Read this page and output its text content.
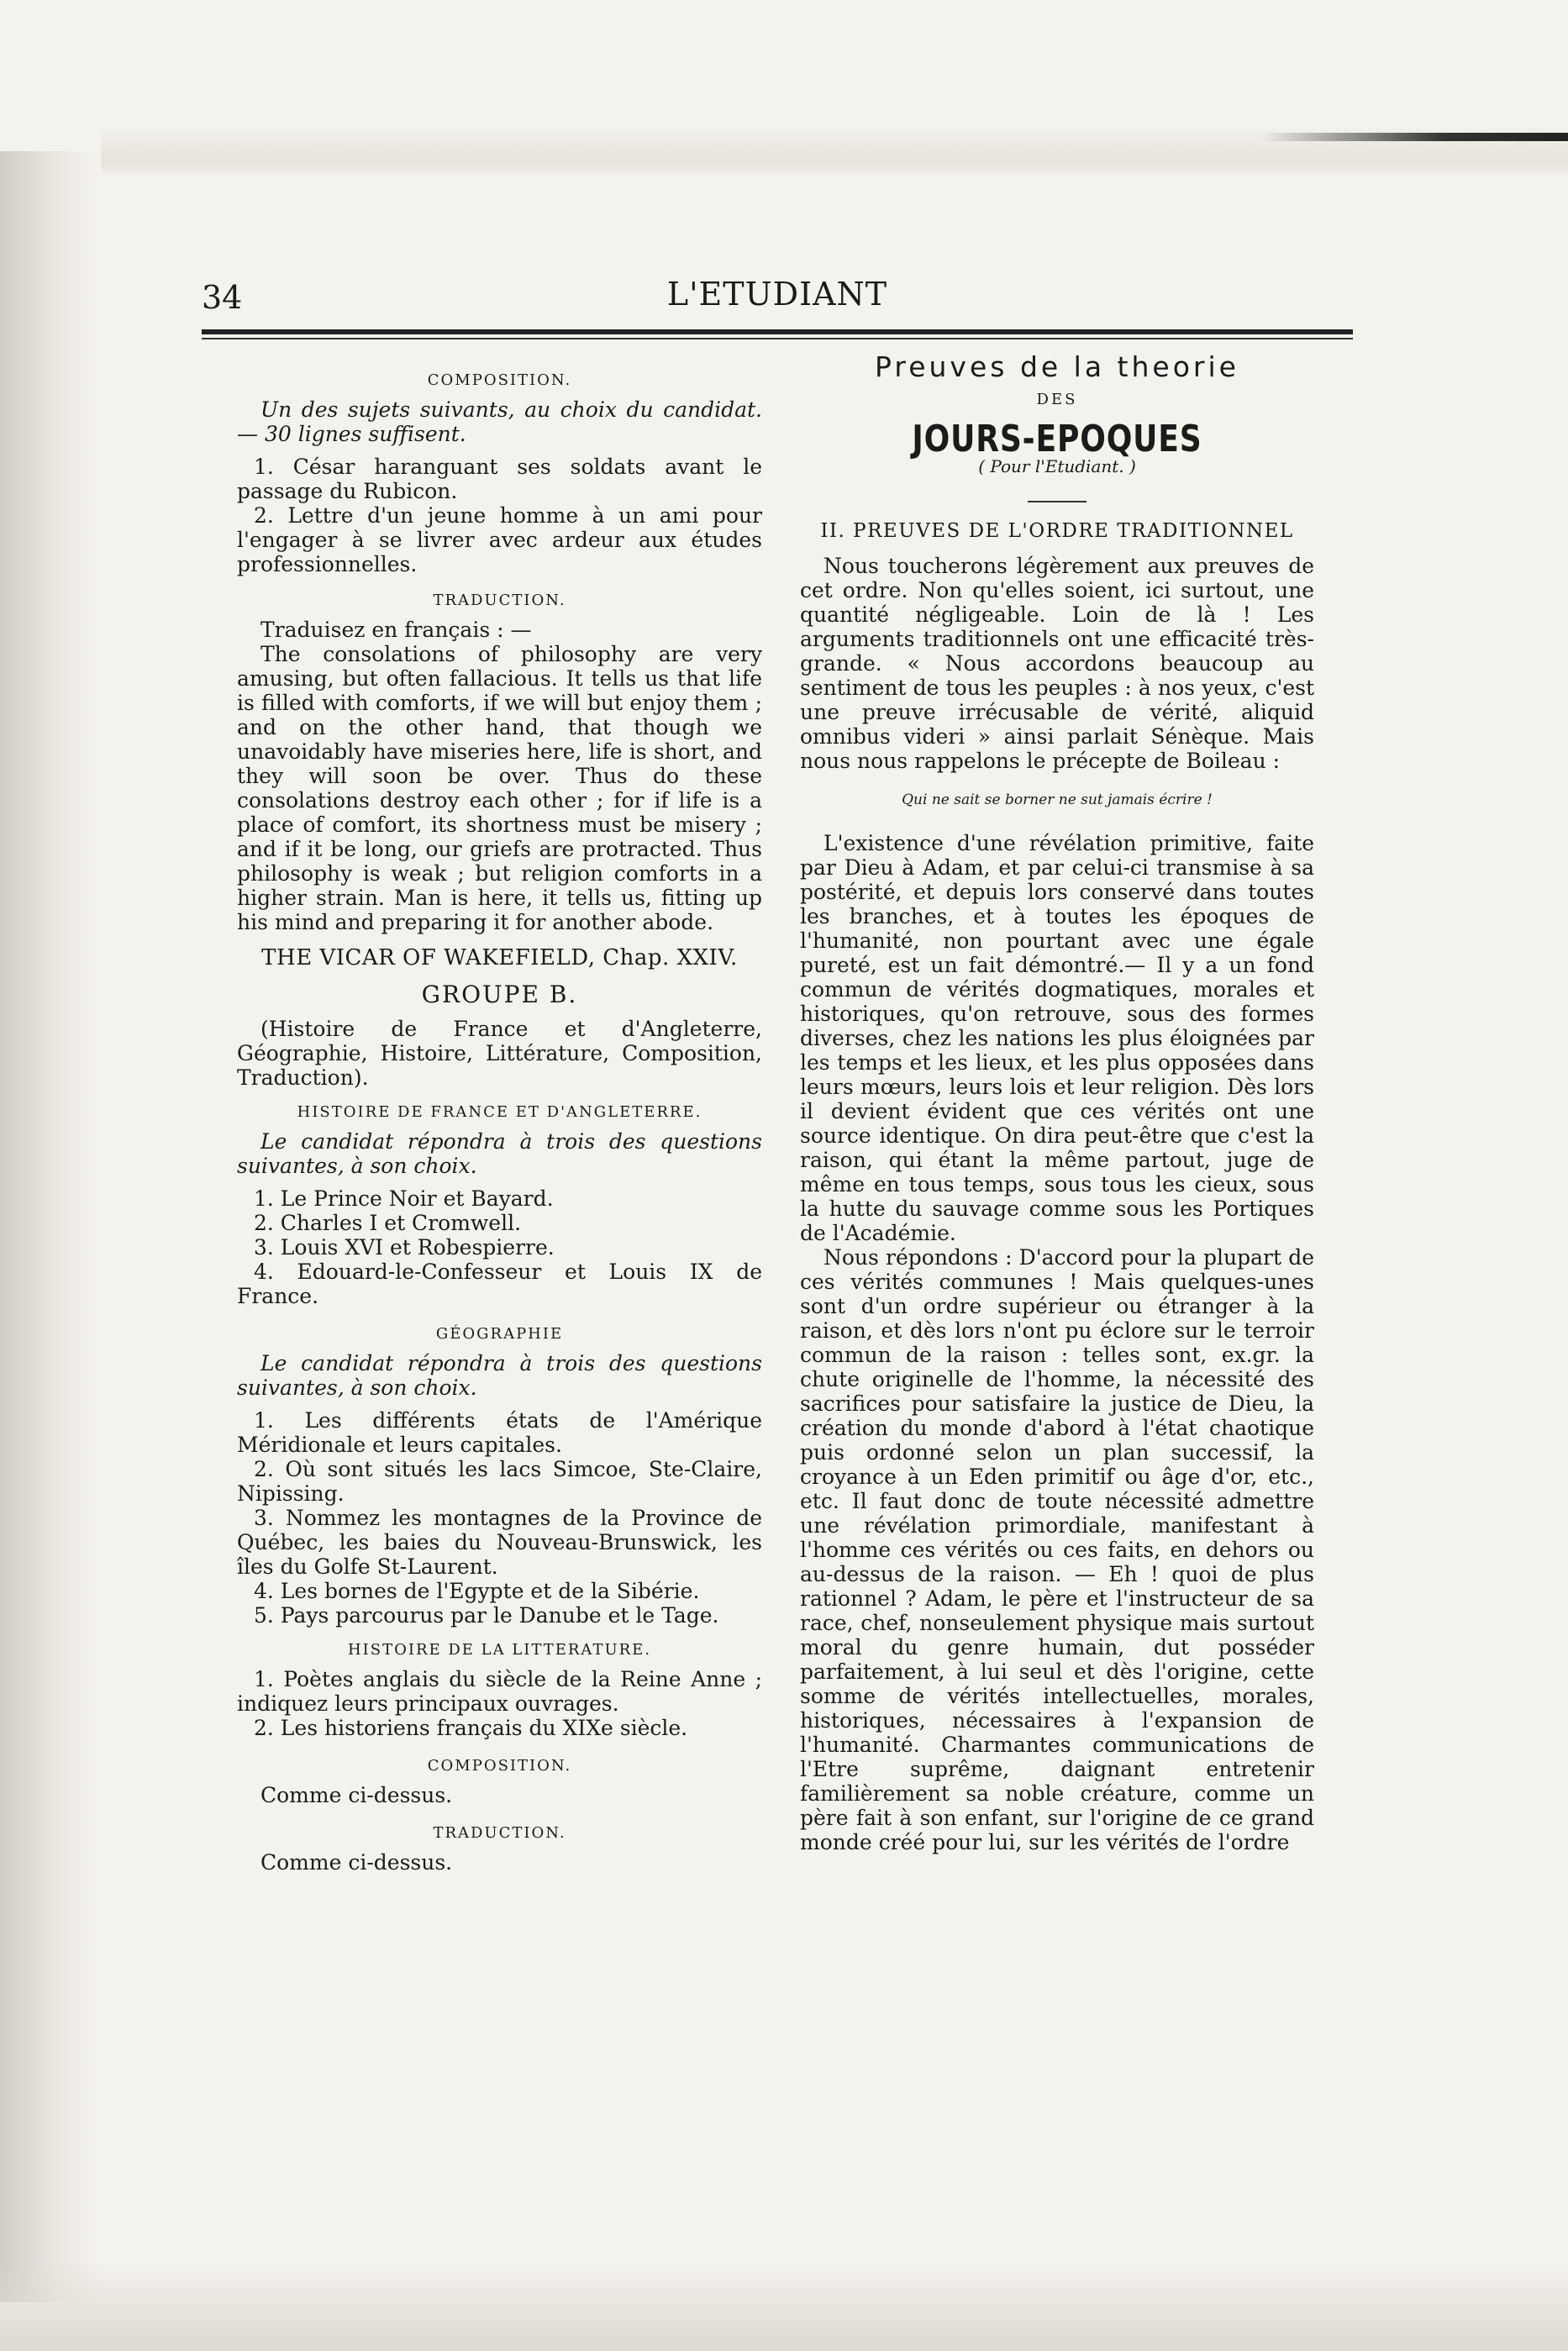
34	L'ETUDIANT
COMPOSITION.

Un des sujets suivants, au choix du candidat. — 30 lignes suffisent.

1. César haranguant ses soldats avant le passage du Rubicon.

2. Lettre d'un jeune homme à un ami pour l'engager à se livrer avec ardeur aux études professionnelles.

TRADUCTION.

Traduisez en français : —

The consolations of philosophy are very amusing, but often fallacious. It tells us that life is filled with comforts, if we will but enjoy them ; and on the other hand, that though we unavoidably have miseries here, life is short, and they will soon be over. Thus do these consolations destroy each other ; for if life is a place of comfort, its shortness must be misery ; and if it be long, our griefs are protracted. Thus philosophy is weak ; but religion comforts in a higher strain. Man is here, it tells us, fitting up his mind and preparing it for another abode.

THE VICAR OF WAKEFIELD, Chap. XXIV.
GROUPE B.

(Histoire de France et d'Angleterre, Géographie, Histoire, Littérature, Composition, Traduction).

HISTOIRE DE FRANCE ET D'ANGLETERRE.

Le candidat répondra à trois des questions suivantes, à son choix.

1. Le Prince Noir et Bayard.

2. Charles I et Cromwell.

3. Louis XVI et Robespierre.

4. Edouard-le-Confesseur et Louis IX de France.

GÉOGRAPHIE

Le candidat répondra à trois des questions suivantes, à son choix.

1. Les différents états de l'Amérique Méridionale et leurs capitales.

2. Où sont situés les lacs Simcoe, Ste-Claire, Nipissing.

3. Nommez les montagnes de la Province de Québec, les baies du Nouveau-Brunswick, les îles du Golfe St-Laurent.

4. Les bornes de l'Egypte et de la Sibérie.

5. Pays parcourus par le Danube et le Tage.

HISTOIRE DE LA LITTERATURE.

1. Poètes anglais du siècle de la Reine Anne ; indiquez leurs principaux ouvrages.

2. Les historiens français du XIXe siècle.

COMPOSITION.

Comme ci-dessus.

TRADUCTION.

Comme ci-dessus.

Preuves de la theorie
DES
JOURS-EPOQUES
( Pour l'Etudiant. )
II. PREUVES DE L'ORDRE TRADITIONNEL

Nous toucherons légèrement aux preuves de cet ordre. Non qu'elles soient, ici surtout, une quantité négligeable. Loin de là ! Les arguments traditionnels ont une efficacité très-grande. « Nous accordons beaucoup au sentiment de tous les peuples : à nos yeux, c'est une preuve irrécusable de vérité, aliquid omnibus videri » ainsi parlait Sénèque. Mais nous nous rappelons le précepte de Boileau :

Qui ne sait se borner ne sut jamais écrire !

L'existence d'une révélation primitive, faite par Dieu à Adam, et par celui-ci transmise à sa postérité, et depuis lors conservé dans toutes les branches, et à toutes les époques de l'humanité, non pourtant avec une égale pureté, est un fait démontré.— Il y a un fond commun de vérités dogmatiques, morales et historiques, qu'on retrouve, sous des formes diverses, chez les nations les plus éloignées par les temps et les lieux, et les plus opposées dans leurs mœurs, leurs lois et leur religion. Dès lors il devient évident que ces vérités ont une source identique. On dira peut-être que c'est la raison, qui étant la même partout, juge de même en tous temps, sous tous les cieux, sous la hutte du sauvage comme sous les Portiques de l'Académie.

Nous répondons : D'accord pour la plupart de ces vérités communes ! Mais quelques-unes sont d'un ordre supérieur ou étranger à la raison, et dès lors n'ont pu éclore sur le terroir commun de la raison : telles sont, ex.gr. la chute originelle de l'homme, la nécessité des sacrifices pour satisfaire la justice de Dieu, la création du monde d'abord à l'état chaotique puis ordonné selon un plan successif, la croyance à un Eden primitif ou âge d'or, etc., etc. Il faut donc de toute nécessité admettre une révélation primordiale, manifestant à l'homme ces vérités ou ces faits, en dehors ou au-dessus de la raison. — Eh ! quoi de plus rationnel ? Adam, le père et l'instructeur de sa race, chef, nonseulement physique mais surtout moral du genre humain, dut posséder parfaitement, à lui seul et dès l'origine, cette somme de vérités intellectuelles, morales, historiques, nécessaires à l'expansion de l'humanité. Charmantes communications de l'Etre suprême, daignant entretenir familièrement sa noble créature, comme un père fait à son enfant, sur l'origine de ce grand monde créé pour lui, sur les vérités de l'ordre
